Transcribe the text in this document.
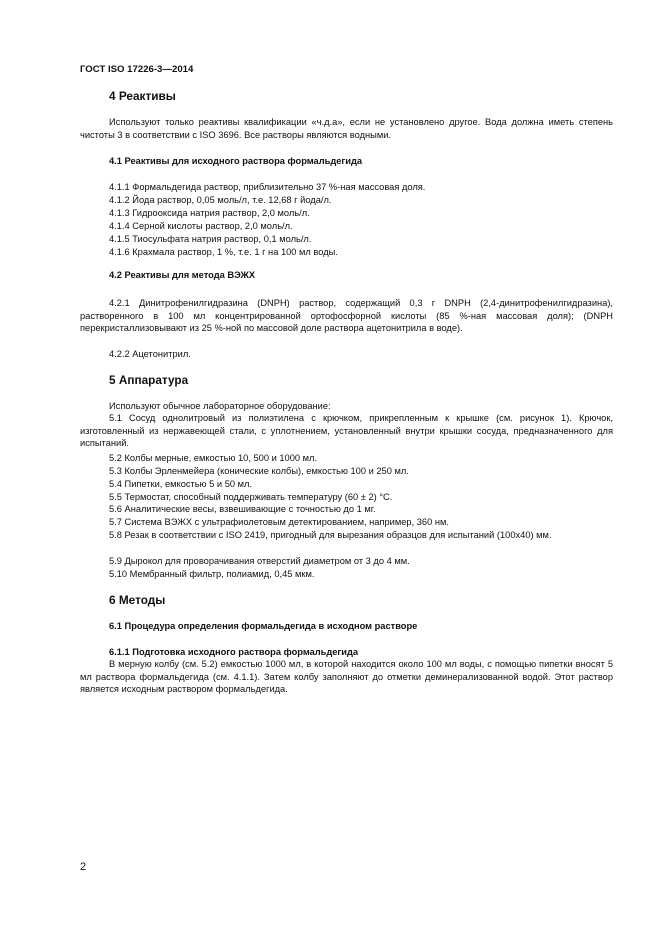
ГОСТ ISO 17226-3—2014
4 Реактивы

Используют только реактивы квалификации «ч.д.а», если не установлено другое. Вода должна иметь степень чистоты 3 в соответствии с ISO 3696. Все растворы являются водными.

4.1 Реактивы для исходного раствора формальдегида
4.1.1 Формальдегида раствор, приблизительно 37 %-ная массовая доля.
4.1.2 Йода раствор, 0,05 моль/л, т.е. 12,68 г йода/л.
4.1.3 Гидрооксида натрия раствор, 2,0 моль/л.
4.1.4 Серной кислоты раствор, 2,0 моль/л.
4.1.5 Тиосульфата натрия раствор, 0,1 моль/л.
4.1.6 Крахмала раствор, 1 %, т.е. 1 г на 100 мл воды.
4.2 Реактивы для метода ВЭЖХ

4.2.1 Динитрофенилгидразина (DNPH) раствор, содержащий 0,3 г DNPH (2,4-динитрофенилгидразина), растворенного в 100 мл концентрированной ортофосфорной кислоты (85 %-ная массовая доля); (DNPH перекристаллизовывают из 25 %-ной по массовой доле раствора ацетонитрила в воде).

4.2.2 Ацетонитрил.
5 Аппаратура
Используют обычное лабораторное оборудование:

5.1 Сосуд однолитровый из полиэтилена с крючком, прикрепленным к крышке (см. рисунок 1). Крючок, изготовленный из нержавеющей стали, с уплотнением, установленный внутри крышки сосуда, предназначенного для испытаний.

5.2 Колбы мерные, емкостью 10, 500 и 1000 мл.
5.3 Колбы Эрленмейера (конические колбы), емкостью 100 и 250 мл.
5.4 Пипетки, емкостью 5 и 50 мл.
5.5 Термостат, способный поддерживать температуру (60 ± 2) °С.
5.6 Аналитические весы, взвешивающие с точностью до 1 мг.
5.7 Система ВЭЖХ с ультрафиолетовым детектированием, например, 360 нм.

5.8 Резак в соответствии с ISO 2419, пригодный для вырезания образцов для испытаний (100х40) мм.

5.9 Дырокол для проворачивания отверстий диаметром от 3 до 4 мм.
5.10 Мембранный фильтр, полиамид, 0,45 мкм.
6 Методы
6.1 Процедура определения формальдегида в исходном растворе
6.1.1 Подготовка исходного раствора формальдегида

В мерную колбу (см. 5.2) емкостью 1000 мл, в которой находится около 100 мл воды, с помощью пипетки вносят 5 мл раствора формальдегида (см. 4.1.1). Затем колбу заполняют до отметки деминерализованной водой. Этот раствор является исходным раствором формальдегида.

2
